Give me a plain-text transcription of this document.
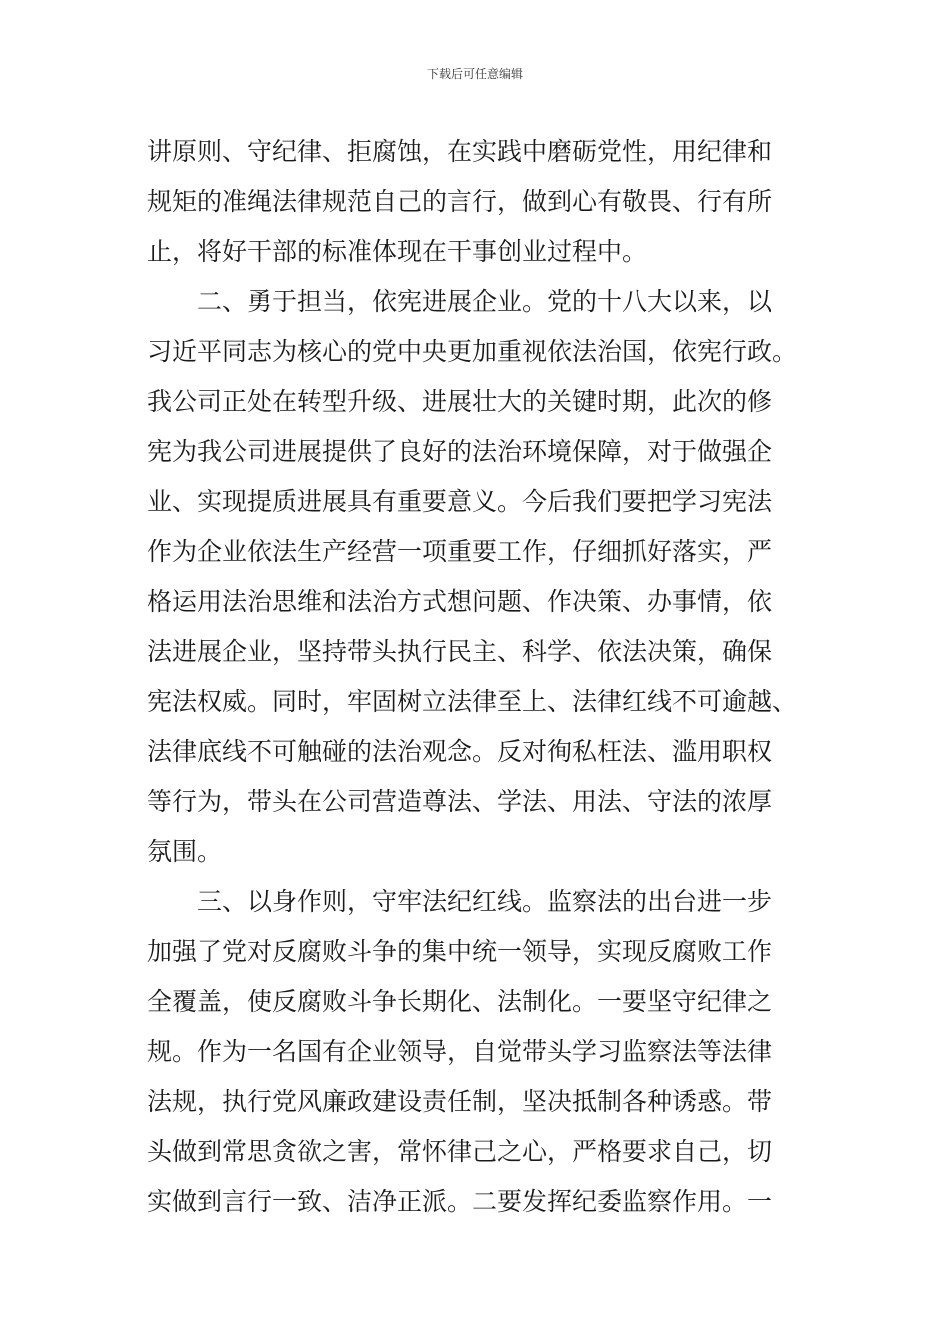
下载后可任意编辑
讲原则、守纪律、拒腐蚀，在实践中磨砺党性，用纪律和
规矩的准绳法律规范自己的言行，做到心有敬畏、行有所
止，将好干部的标准体现在干事创业过程中。
二、勇于担当，依宪进展企业。党的十八大以来，以
习近平同志为核心的党中央更加重视依法治国，依宪行政。
我公司正处在转型升级、进展壮大的关键时期，此次的修
宪为我公司进展提供了良好的法治环境保障，对于做强企
业、实现提质进展具有重要意义。今后我们要把学习宪法
作为企业依法生产经营一项重要工作，仔细抓好落实，严
格运用法治思维和法治方式想问题、作决策、办事情，依
法进展企业，坚持带头执行民主、科学、依法决策，确保
宪法权威。同时，牢固树立法律至上、法律红线不可逾越、
法律底线不可触碰的法治观念。反对徇私枉法、滥用职权
等行为，带头在公司营造尊法、学法、用法、守法的浓厚
氛围。
三、以身作则，守牢法纪红线。监察法的出台进一步
加强了党对反腐败斗争的集中统一领导，实现反腐败工作
全覆盖，使反腐败斗争长期化、法制化。一要坚守纪律之
规。作为一名国有企业领导，自觉带头学习监察法等法律
法规，执行党风廉政建设责任制，坚决抵制各种诱惑。带
头做到常思贪欲之害，常怀律己之心，严格要求自己，切
实做到言行一致、洁净正派。二要发挥纪委监察作用。一
